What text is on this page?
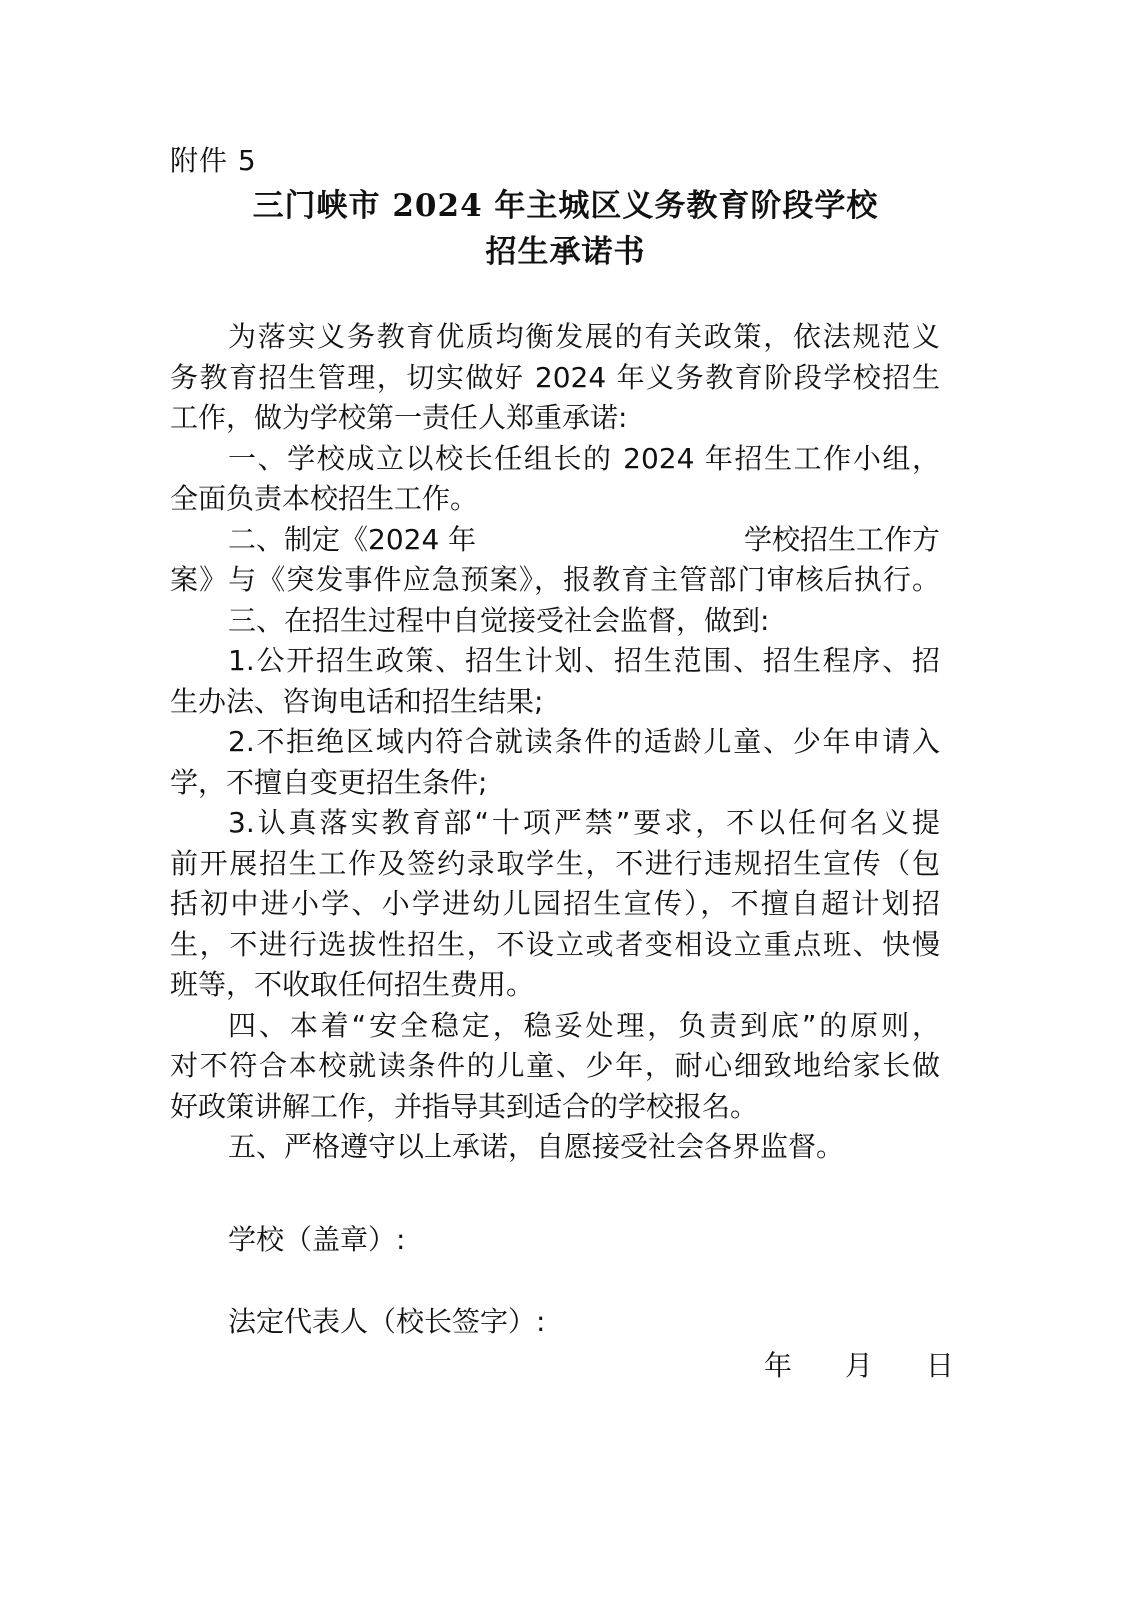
附件 5
三门峡市 2024 年主城区义务教育阶段学校
招生承诺书
为落实义务教育优质均衡发展的有关政策，依法规范义
务教育招生管理，切实做好 2024 年义务教育阶段学校招生
工作，做为学校第一责任人郑重承诺:
一、学校成立以校长任组长的 2024 年招生工作小组，
全面负责本校招生工作。
二、制定《2024 年	学校招生工作方
案》与《突发事件应急预案》，报教育主管部门审核后执行。
三、在招生过程中自觉接受社会监督，做到:
1.公开招生政策、招生计划、招生范围、招生程序、招
生办法、咨询电话和招生结果;
2.不拒绝区域内符合就读条件的适龄儿童、少年申请入
学，不擅自变更招生条件;
3.认真落实教育部“十项严禁”要求，不以任何名义提
前开展招生工作及签约录取学生，不进行违规招生宣传（包
括初中进小学、小学进幼儿园招生宣传），不擅自超计划招
生，不进行选拔性招生，不设立或者变相设立重点班、快慢
班等，不收取任何招生费用。
四、本着“安全稳定，稳妥处理，负责到底”的原则，
对不符合本校就读条件的儿童、少年，耐心细致地给家长做
好政策讲解工作，并指导其到适合的学校报名。
五、严格遵守以上承诺，自愿接受社会各界监督。
学校（盖章）:
法定代表人（校长签字）:
年 月 日
